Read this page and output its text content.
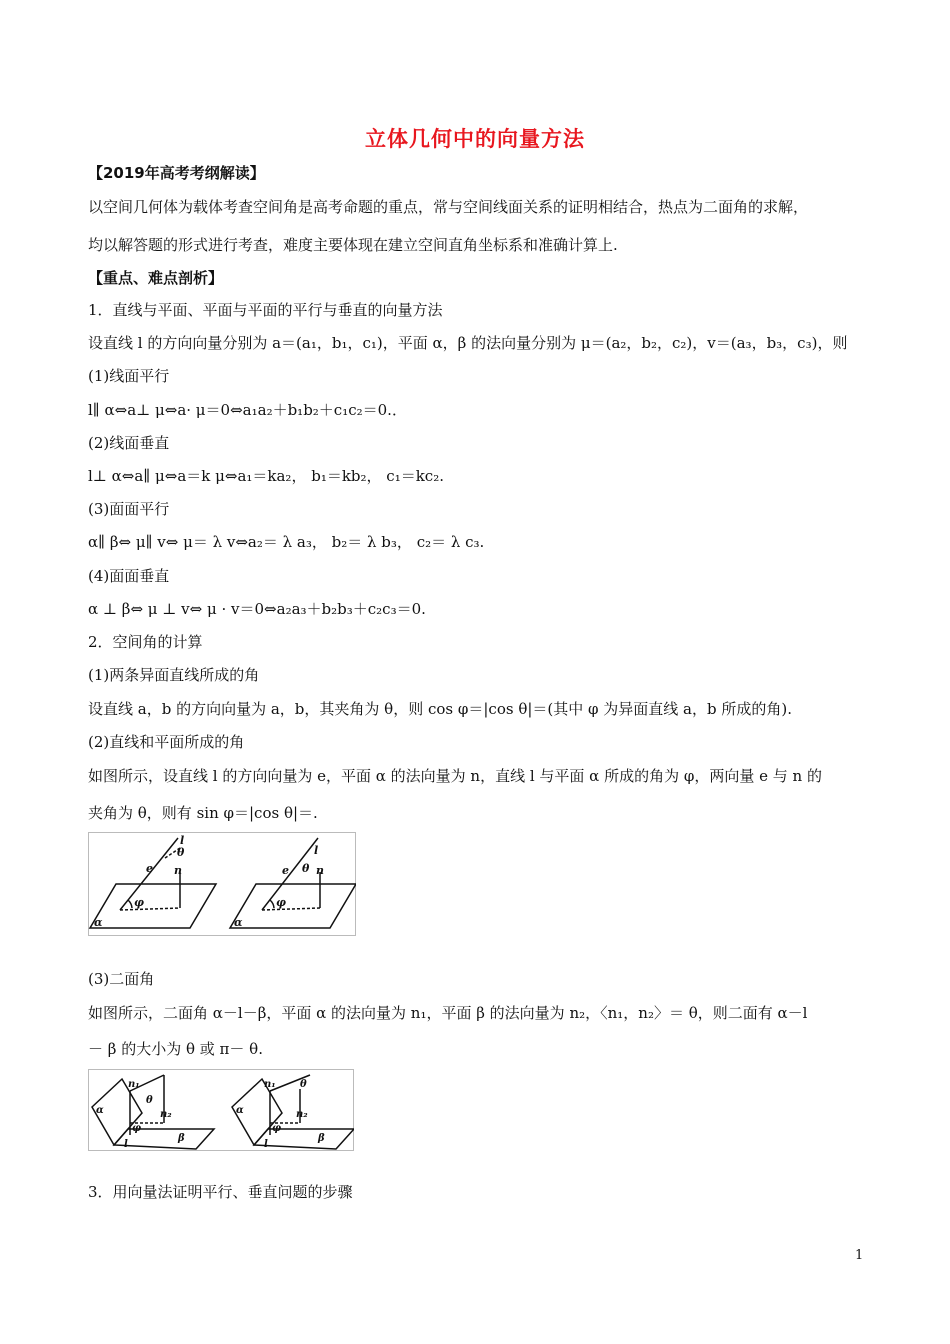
立体几何中的向量方法
【2019年高考考纲解读】
以空间几何体为载体考查空间角是高考命题的重点，常与空间线面关系的证明相结合，热点为二面角的求解，
均以解答题的形式进行考查，难度主要体现在建立空间直角坐标系和准确计算上.
【重点、难点剖析】
1．直线与平面、平面与平面的平行与垂直的向量方法
设直线 l 的方向向量分别为 a＝(a₁，b₁，c₁)，平面 α，β 的法向量分别为 μ＝(a₂，b₂，c₂)，v＝(a₃，b₃，c₃)，则
(1)线面平行
l∥ α⇔a⊥ μ⇔a· μ＝0⇔a₁a₂＋b₁b₂＋c₁c₂＝0.．
(2)线面垂直
l⊥ α⇔a∥ μ⇔a＝k μ⇔a₁＝ka₂， b₁＝kb₂， c₁＝kc₂.
(3)面面平行
α∥ β⇔ μ∥ v⇔ μ＝ λ v⇔a₂＝ λ a₃， b₂＝ λ b₃， c₂＝ λ c₃.
(4)面面垂直
α ⊥ β⇔ μ ⊥ v⇔ μ · v＝0⇔a₂a₃＋b₂b₃＋c₂c₃＝0.
2．空间角的计算
(1)两条异面直线所成的角
设直线 a，b 的方向向量为 a，b，其夹角为 θ，则 cos φ＝|cos θ|＝(其中 φ 为异面直线 a，b 所成的角).
(2)直线和平面所成的角
如图所示，设直线 l 的方向向量为 e，平面 α 的法向量为 n，直线 l 与平面 α 所成的角为 φ，两向量 e 与 n 的
夹角为 θ，则有 sin φ＝|cos θ|＝.
l
θ
e n
φ
α
l
e θ n
φ
α
(3)二面角
如图所示，二面角 α－l－β，平面 α 的法向量为 n₁，平面 β 的法向量为 n₂，〈n₁，n₂〉＝ θ，则二面有 α－l
－ β 的大小为 θ 或 π－ θ.
n₁
α
θ
n₂
φ
l
β
n₁ θ
α	n₂
φ
l
β
3．用向量法证明平行、垂直问题的步骤
1
